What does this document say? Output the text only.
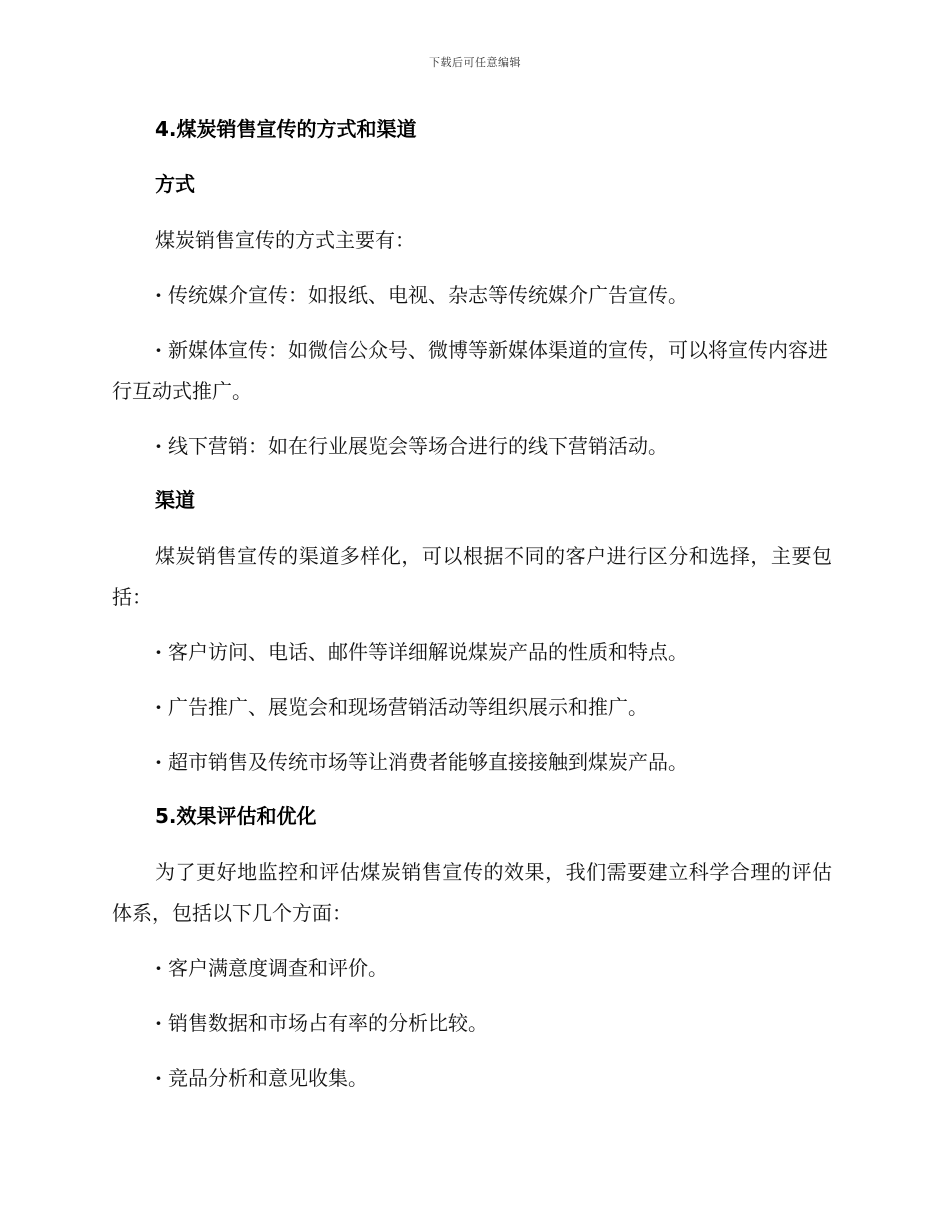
下载后可任意编辑
4.煤炭销售宣传的方式和渠道
方式

煤炭销售宣传的方式主要有：

· 传统媒介宣传：如报纸、电视、杂志等传统媒介广告宣传。

· 新媒体宣传：如微信公众号、微博等新媒体渠道的宣传，可以将宣传内容进行互动式推广。

· 线下营销：如在行业展览会等场合进行的线下营销活动。

渠道

煤炭销售宣传的渠道多样化，可以根据不同的客户进行区分和选择，主要包括：

· 客户访问、电话、邮件等详细解说煤炭产品的性质和特点。

· 广告推广、展览会和现场营销活动等组织展示和推广。

· 超市销售及传统市场等让消费者能够直接接触到煤炭产品。

5.效果评估和优化

为了更好地监控和评估煤炭销售宣传的效果，我们需要建立科学合理的评估体系，包括以下几个方面：

· 客户满意度调查和评价。

· 销售数据和市场占有率的分析比较。

· 竞品分析和意见收集。
